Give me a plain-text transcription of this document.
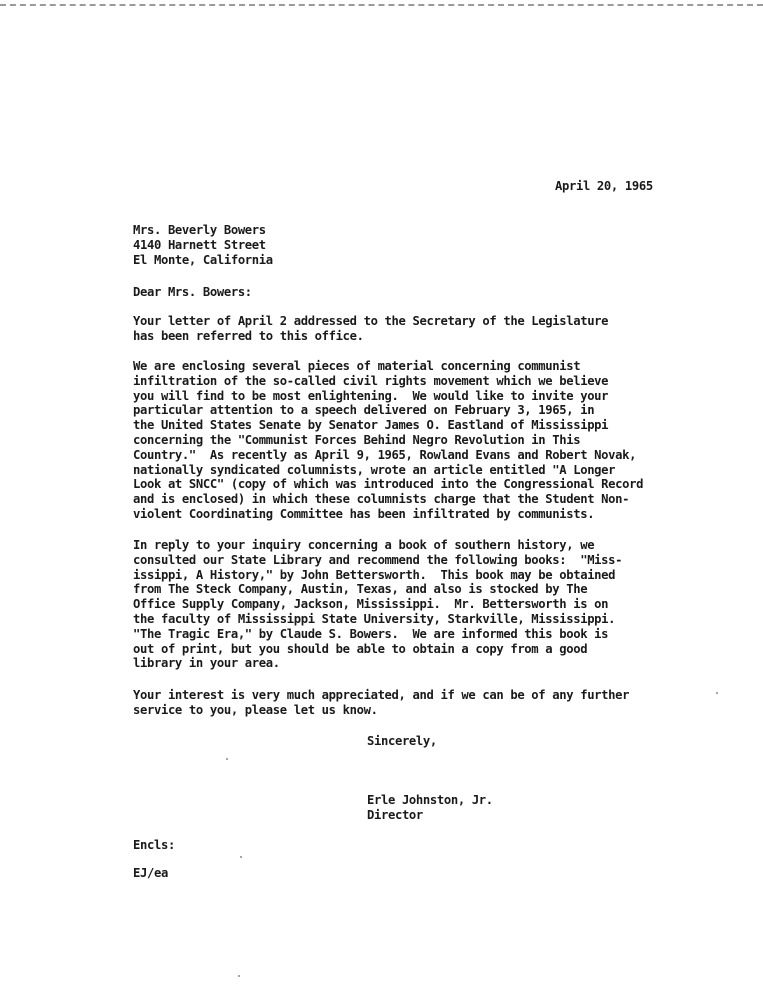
April 20, 1965
Mrs. Beverly Bowers
4140 Harnett Street
El Monte, California
Dear Mrs. Bowers:
Your letter of April 2 addressed to the Secretary of the Legislature
has been referred to this office.
We are enclosing several pieces of material concerning communist
infiltration of the so-called civil rights movement which we believe
you will find to be most enlightening.  We would like to invite your
particular attention to a speech delivered on February 3, 1965, in
the United States Senate by Senator James O. Eastland of Mississippi
concerning the "Communist Forces Behind Negro Revolution in This
Country."  As recently as April 9, 1965, Rowland Evans and Robert Novak,
nationally syndicated columnists, wrote an article entitled "A Longer
Look at SNCC" (copy of which was introduced into the Congressional Record
and is enclosed) in which these columnists charge that the Student Non-
violent Coordinating Committee has been infiltrated by communists.
In reply to your inquiry concerning a book of southern history, we
consulted our State Library and recommend the following books:  "Miss-
issippi, A History," by John Bettersworth.  This book may be obtained
from The Steck Company, Austin, Texas, and also is stocked by The
Office Supply Company, Jackson, Mississippi.  Mr. Bettersworth is on
the faculty of Mississippi State University, Starkville, Mississippi.
"The Tragic Era," by Claude S. Bowers.  We are informed this book is
out of print, but you should be able to obtain a copy from a good
library in your area.
Your interest is very much appreciated, and if we can be of any further
service to you, please let us know.
Sincerely,
Erle Johnston, Jr.
Director
Encls:
EJ/ea
